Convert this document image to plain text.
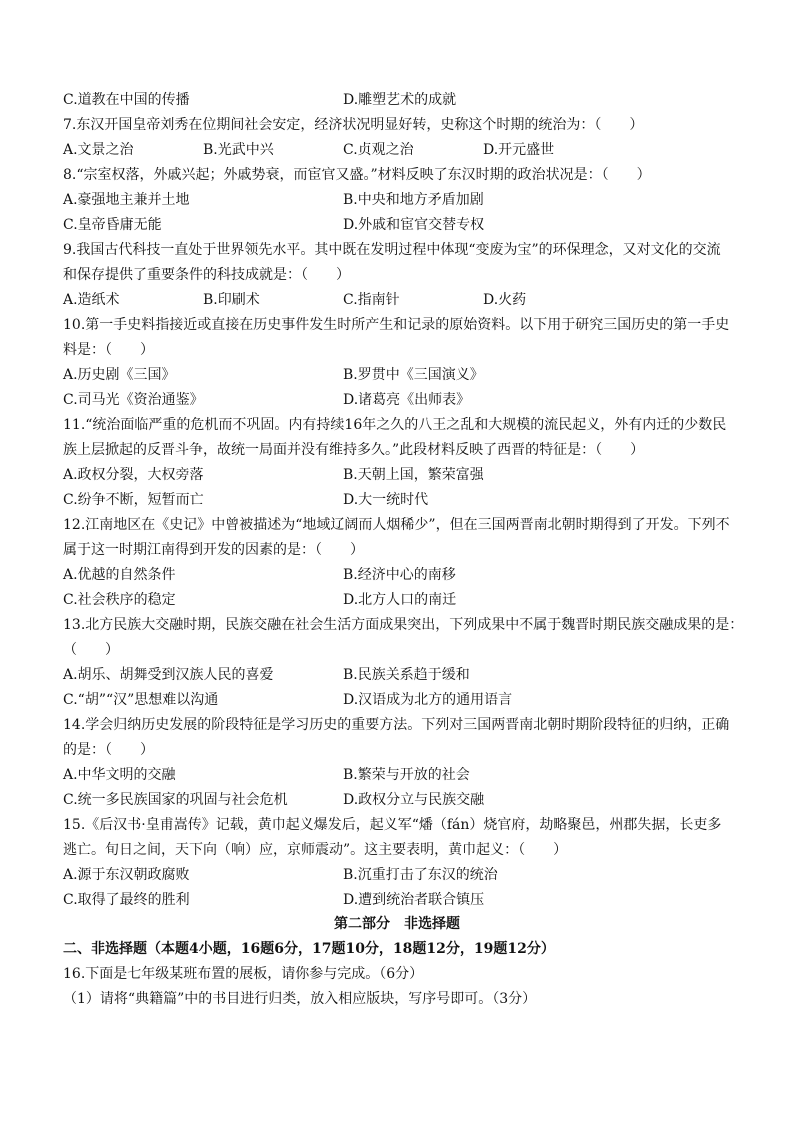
C.道教在中国的传播	D.雕塑艺术的成就
7.东汉开国皇帝刘秀在位期间社会安定，经济状况明显好转，史称这个时期的统治为：（　　）
A.文景之治	B.光武中兴	C.贞观之治	D.开元盛世
8.“宗室权落，外戚兴起；外戚势衰，而宦官又盛。”材料反映了东汉时期的政治状况是：（　　）
A.豪强地主兼并土地	B.中央和地方矛盾加剧
C.皇帝昏庸无能	D.外戚和宦官交替专权
9.我国古代科技一直处于世界领先水平。其中既在发明过程中体现“变废为宝”的环保理念，又对文化的交流
和保存提供了重要条件的科技成就是：（　　）
A.造纸术	B.印刷术	C.指南针	D.火药
10.第一手史料指接近或直接在历史事件发生时所产生和记录的原始资料。以下用于研究三国历史的第一手史
料是：（　　）
A.历史剧《三国》	B.罗贯中《三国演义》
C.司马光《资治通鉴》	D.诸葛亮《出师表》
11.“统治面临严重的危机而不巩固。内有持续16年之久的八王之乱和大规模的流民起义，外有内迁的少数民
族上层掀起的反晋斗争，故统一局面并没有维持多久。”此段材料反映了西晋的特征是：（　　）
A.政权分裂，大权旁落	B.天朝上国，繁荣富强
C.纷争不断，短暂而亡	D.大一统时代
12.江南地区在《史记》中曾被描述为“地域辽阔而人烟稀少”，但在三国两晋南北朝时期得到了开发。下列不
属于这一时期江南得到开发的因素的是：（　　）
A.优越的自然条件	B.经济中心的南移
C.社会秩序的稳定	D.北方人口的南迁
13.北方民族大交融时期，民族交融在社会生活方面成果突出，下列成果中不属于魏晋时期民族交融成果的是：
（　　）
A.胡乐、胡舞受到汉族人民的喜爱	B.民族关系趋于缓和
C.“胡”“汉”思想难以沟通	D.汉语成为北方的通用语言
14.学会归纳历史发展的阶段特征是学习历史的重要方法。下列对三国两晋南北朝时期阶段特征的归纳，正确
的是：（　　）
A.中华文明的交融	B.繁荣与开放的社会
C.统一多民族国家的巩固与社会危机	D.政权分立与民族交融
15.《后汉书·皇甫嵩传》记载，黄巾起义爆发后，起义军“燔（fán）烧官府，劫略聚邑，州郡失据，长吏多
逃亡。旬日之间，天下向（响）应，京师震动”。这主要表明，黄巾起义：（　　）
A.源于东汉朝政腐败	B.沉重打击了东汉的统治
C.取得了最终的胜利	D.遭到统治者联合镇压
第二部分　非选择题
二、非选择题（本题4小题，16题6分，17题10分，18题12分，19题12分）
16.下面是七年级某班布置的展板，请你参与完成。（6分）
（1）请将“典籍篇”中的书目进行归类，放入相应版块，写序号即可。（3分）
